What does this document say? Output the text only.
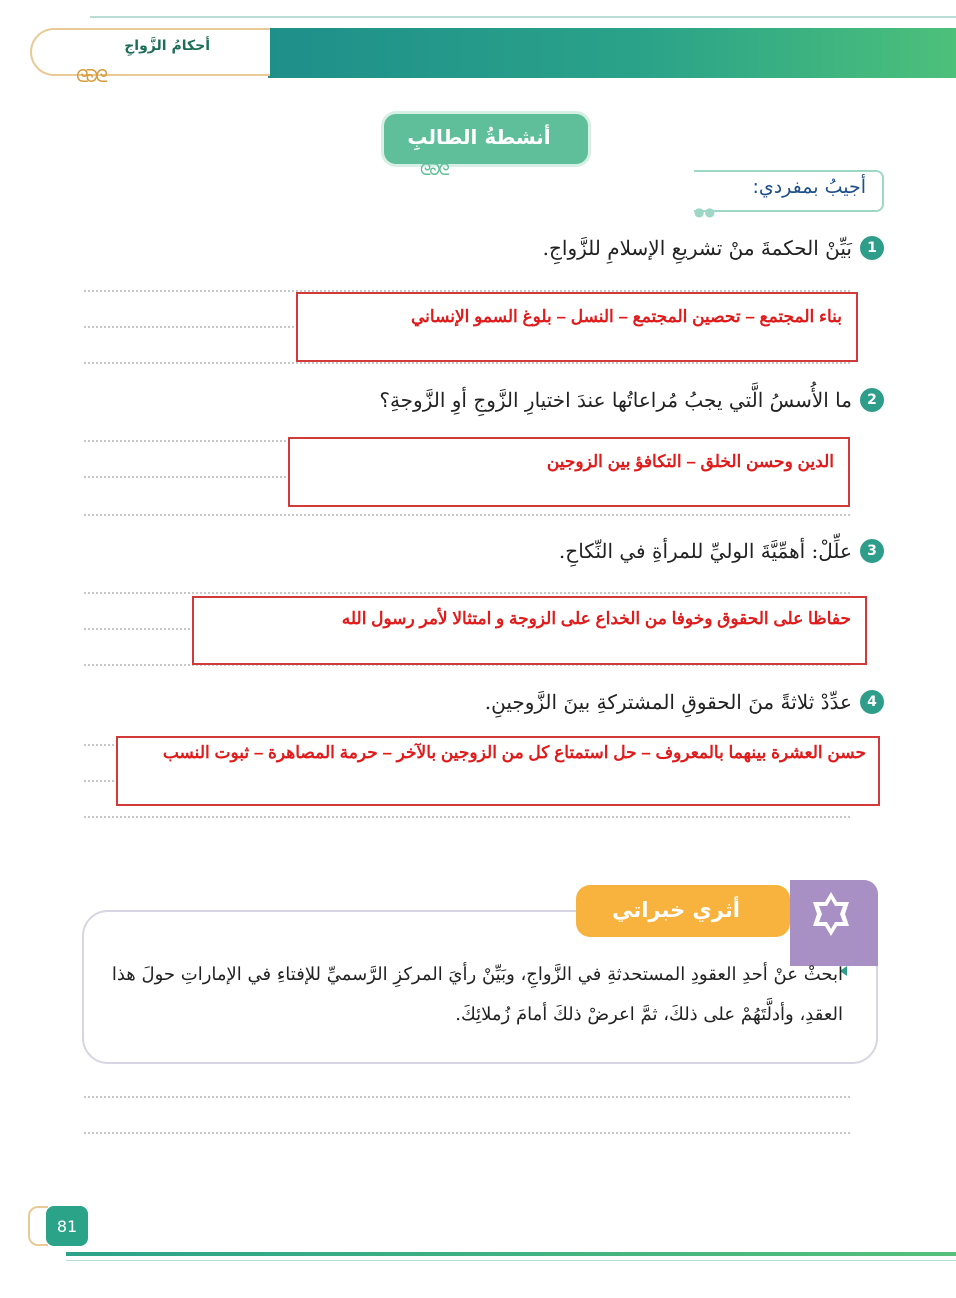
أحكامُ الزَّواجِ
ᘓᘐᘓ
أنشطةُ الطالبِ
ᘓᘐᘓ
أجيبُ بمفردي:
●●
1
بَيِّنْ الحكمةَ منْ تشريعِ الإسلامِ للزَّواجِ.
بناء المجتمع – تحصين المجتمع – النسل – بلوغ السمو الإنساني
2
ما الأُسسُ الَّتي يجبُ مُراعاتُها عندَ اختيارِ الزَّوجِ أوِ الزَّوجةِ؟
الدين وحسن الخلق – التكافؤ بين الزوجين
3
علِّلْ: أهمِّيَّةَ الوليِّ للمرأةِ في النِّكاحِ.
حفاظا على الحقوق وخوفا من الخداع على الزوجة و امتثالا لأمر رسول الله
4
عدِّدْ ثلاثةً منَ الحقوقِ المشتركةِ بينَ الزَّوجينِ.
حسن العشرة بينهما بالمعروف – حل استمتاع كل من الزوجين بالآخر – حرمة المصاهرة – ثبوت النسب
أثري خبراتي
ابحثْ عنْ أحدِ العقودِ المستحدثةِ في الزَّواجِ، وبَيِّنْ رأيَ المركزِ الرَّسميِّ للإفتاءِ في الإماراتِ حولَ هذا العقدِ، وأدلَّتَهُمْ على ذلكَ، ثمَّ اعرضْ ذلكَ أمامَ زُملائِكَ.
81
